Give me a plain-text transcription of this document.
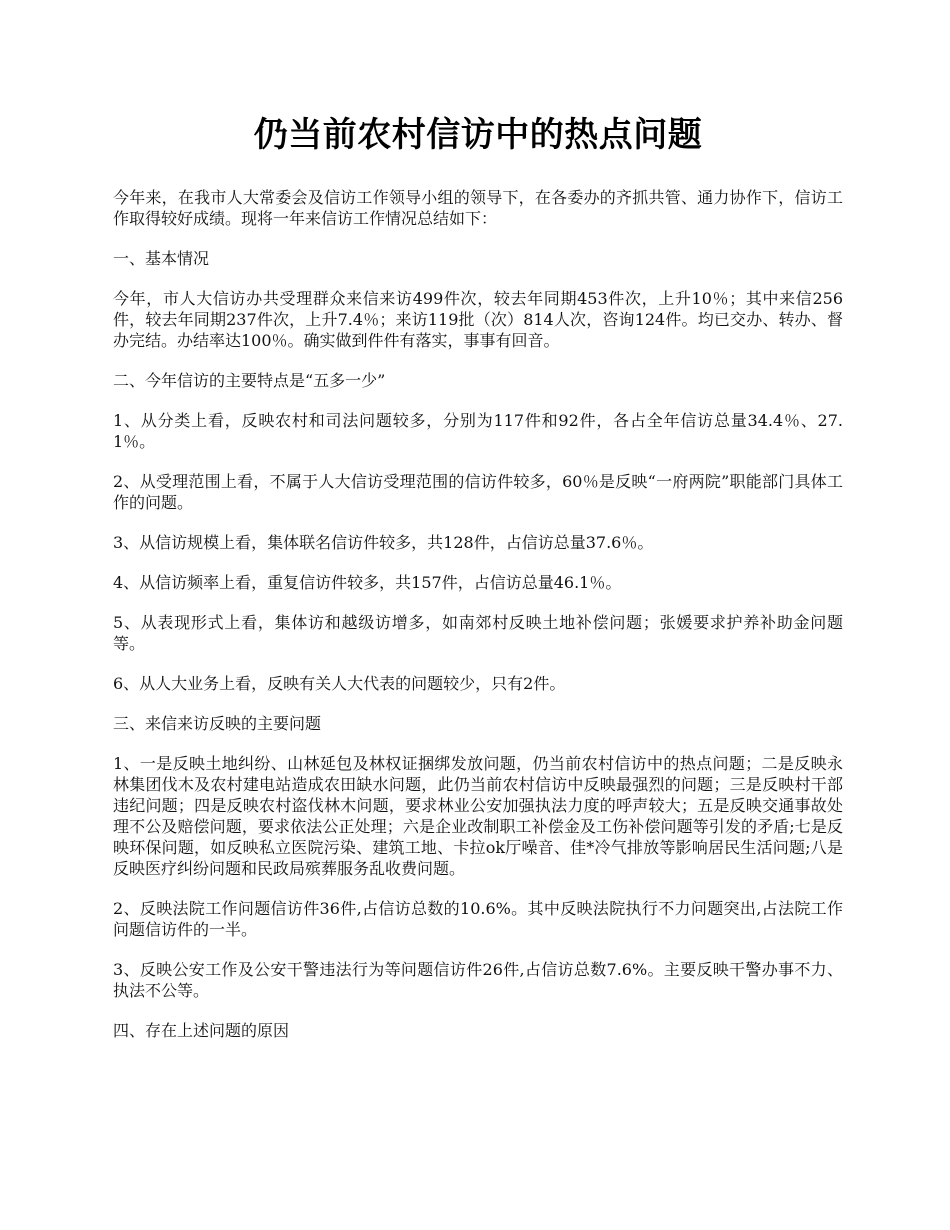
仍当前农村信访中的热点问题

今年来，在我市人大常委会及信访工作领导小组的领导下，在各委办的齐抓共管、通力协作下，信访工作取得较好成绩。现将一年来信访工作情况总结如下：

一、基本情况

今年，市人大信访办共受理群众来信来访499件次，较去年同期453件次，上升10％；其中来信256件，较去年同期237件次，上升7.4％；来访119批（次）814人次，咨询124件。均已交办、转办、督办完结。办结率达100％。确实做到件件有落实，事事有回音。

二、今年信访的主要特点是“五多一少”

1、从分类上看，反映农村和司法问题较多，分别为117件和92件，各占全年信访总量34.4％、27.1％。

2、从受理范围上看，不属于人大信访受理范围的信访件较多，60％是反映“一府两院”职能部门具体工作的问题。

3、从信访规模上看，集体联名信访件较多，共128件，占信访总量37.6％。

4、从信访频率上看，重复信访件较多，共157件，占信访总量46.1％。

5、从表现形式上看，集体访和越级访增多，如南郊村反映土地补偿问题；张媛要求护养补助金问题等。

6、从人大业务上看，反映有关人大代表的问题较少，只有2件。

三、来信来访反映的主要问题

1、一是反映土地纠纷、山林延包及林权证捆绑发放问题，仍当前农村信访中的热点问题；二是反映永林集团伐木及农村建电站造成农田缺水问题，此仍当前农村信访中反映最强烈的问题；三是反映村干部违纪问题；四是反映农村盗伐林木问题，要求林业公安加强执法力度的呼声较大；五是反映交通事故处理不公及赔偿问题，要求依法公正处理；六是企业改制职工补偿金及工伤补偿问题等引发的矛盾;七是反映环保问题，如反映私立医院污染、建筑工地、卡拉ok厅噪音、佳*冷气排放等影响居民生活问题;八是反映医疗纠纷问题和民政局殡葬服务乱收费问题。

2、反映法院工作问题信访件36件,占信访总数的10.6%。其中反映法院执行不力问题突出,占法院工作问题信访件的一半。

3、反映公安工作及公安干警违法行为等问题信访件26件,占信访总数7.6%。主要反映干警办事不力、执法不公等。

四、存在上述问题的原因
